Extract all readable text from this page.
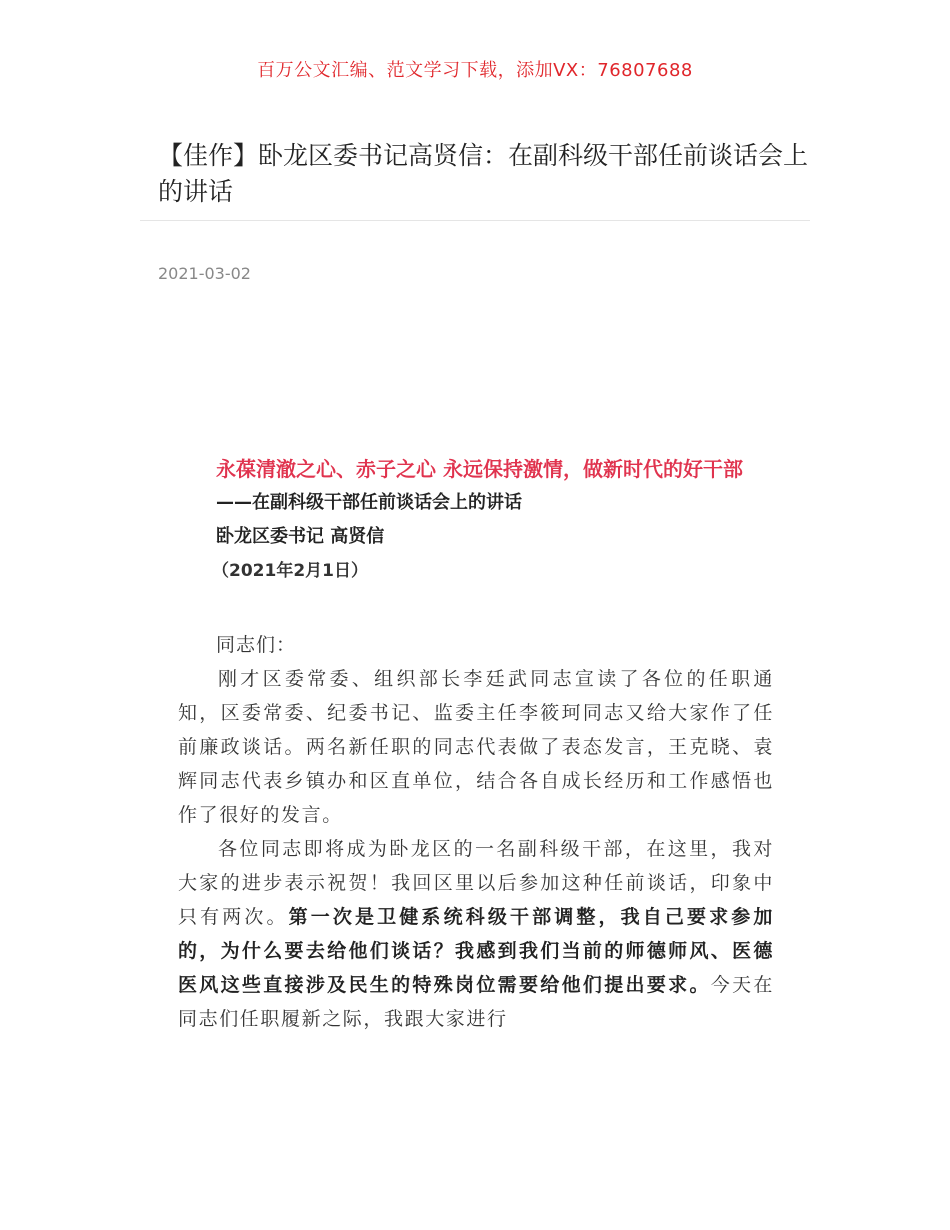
百万公文汇编、范文学习下载，添加VX：76807688
【佳作】卧龙区委书记高贤信：在副科级干部任前谈话会上的讲话
2021-03-02

永葆清澈之心、赤子之心 永远保持激情，做新时代的好干部

——在副科级干部任前谈话会上的讲话

卧龙区委书记 高贤信

（2021年2月1日）

同志们：

刚才区委常委、组织部长李廷武同志宣读了各位的任职通知，区委常委、纪委书记、监委主任李筱珂同志又给大家作了任前廉政谈话。两名新任职的同志代表做了表态发言，王克晓、袁辉同志代表乡镇办和区直单位，结合各自成长经历和工作感悟也作了很好的发言。

各位同志即将成为卧龙区的一名副科级干部，在这里，我对大家的进步表示祝贺！我回区里以后参加这种任前谈话，印象中只有两次。第一次是卫健系统科级干部调整，我自己要求参加的，为什么要去给他们谈话？我感到我们当前的师德师风、医德医风这些直接涉及民生的特殊岗位需要给他们提出要求。今天在同志们任职履新之际，我跟大家进行
